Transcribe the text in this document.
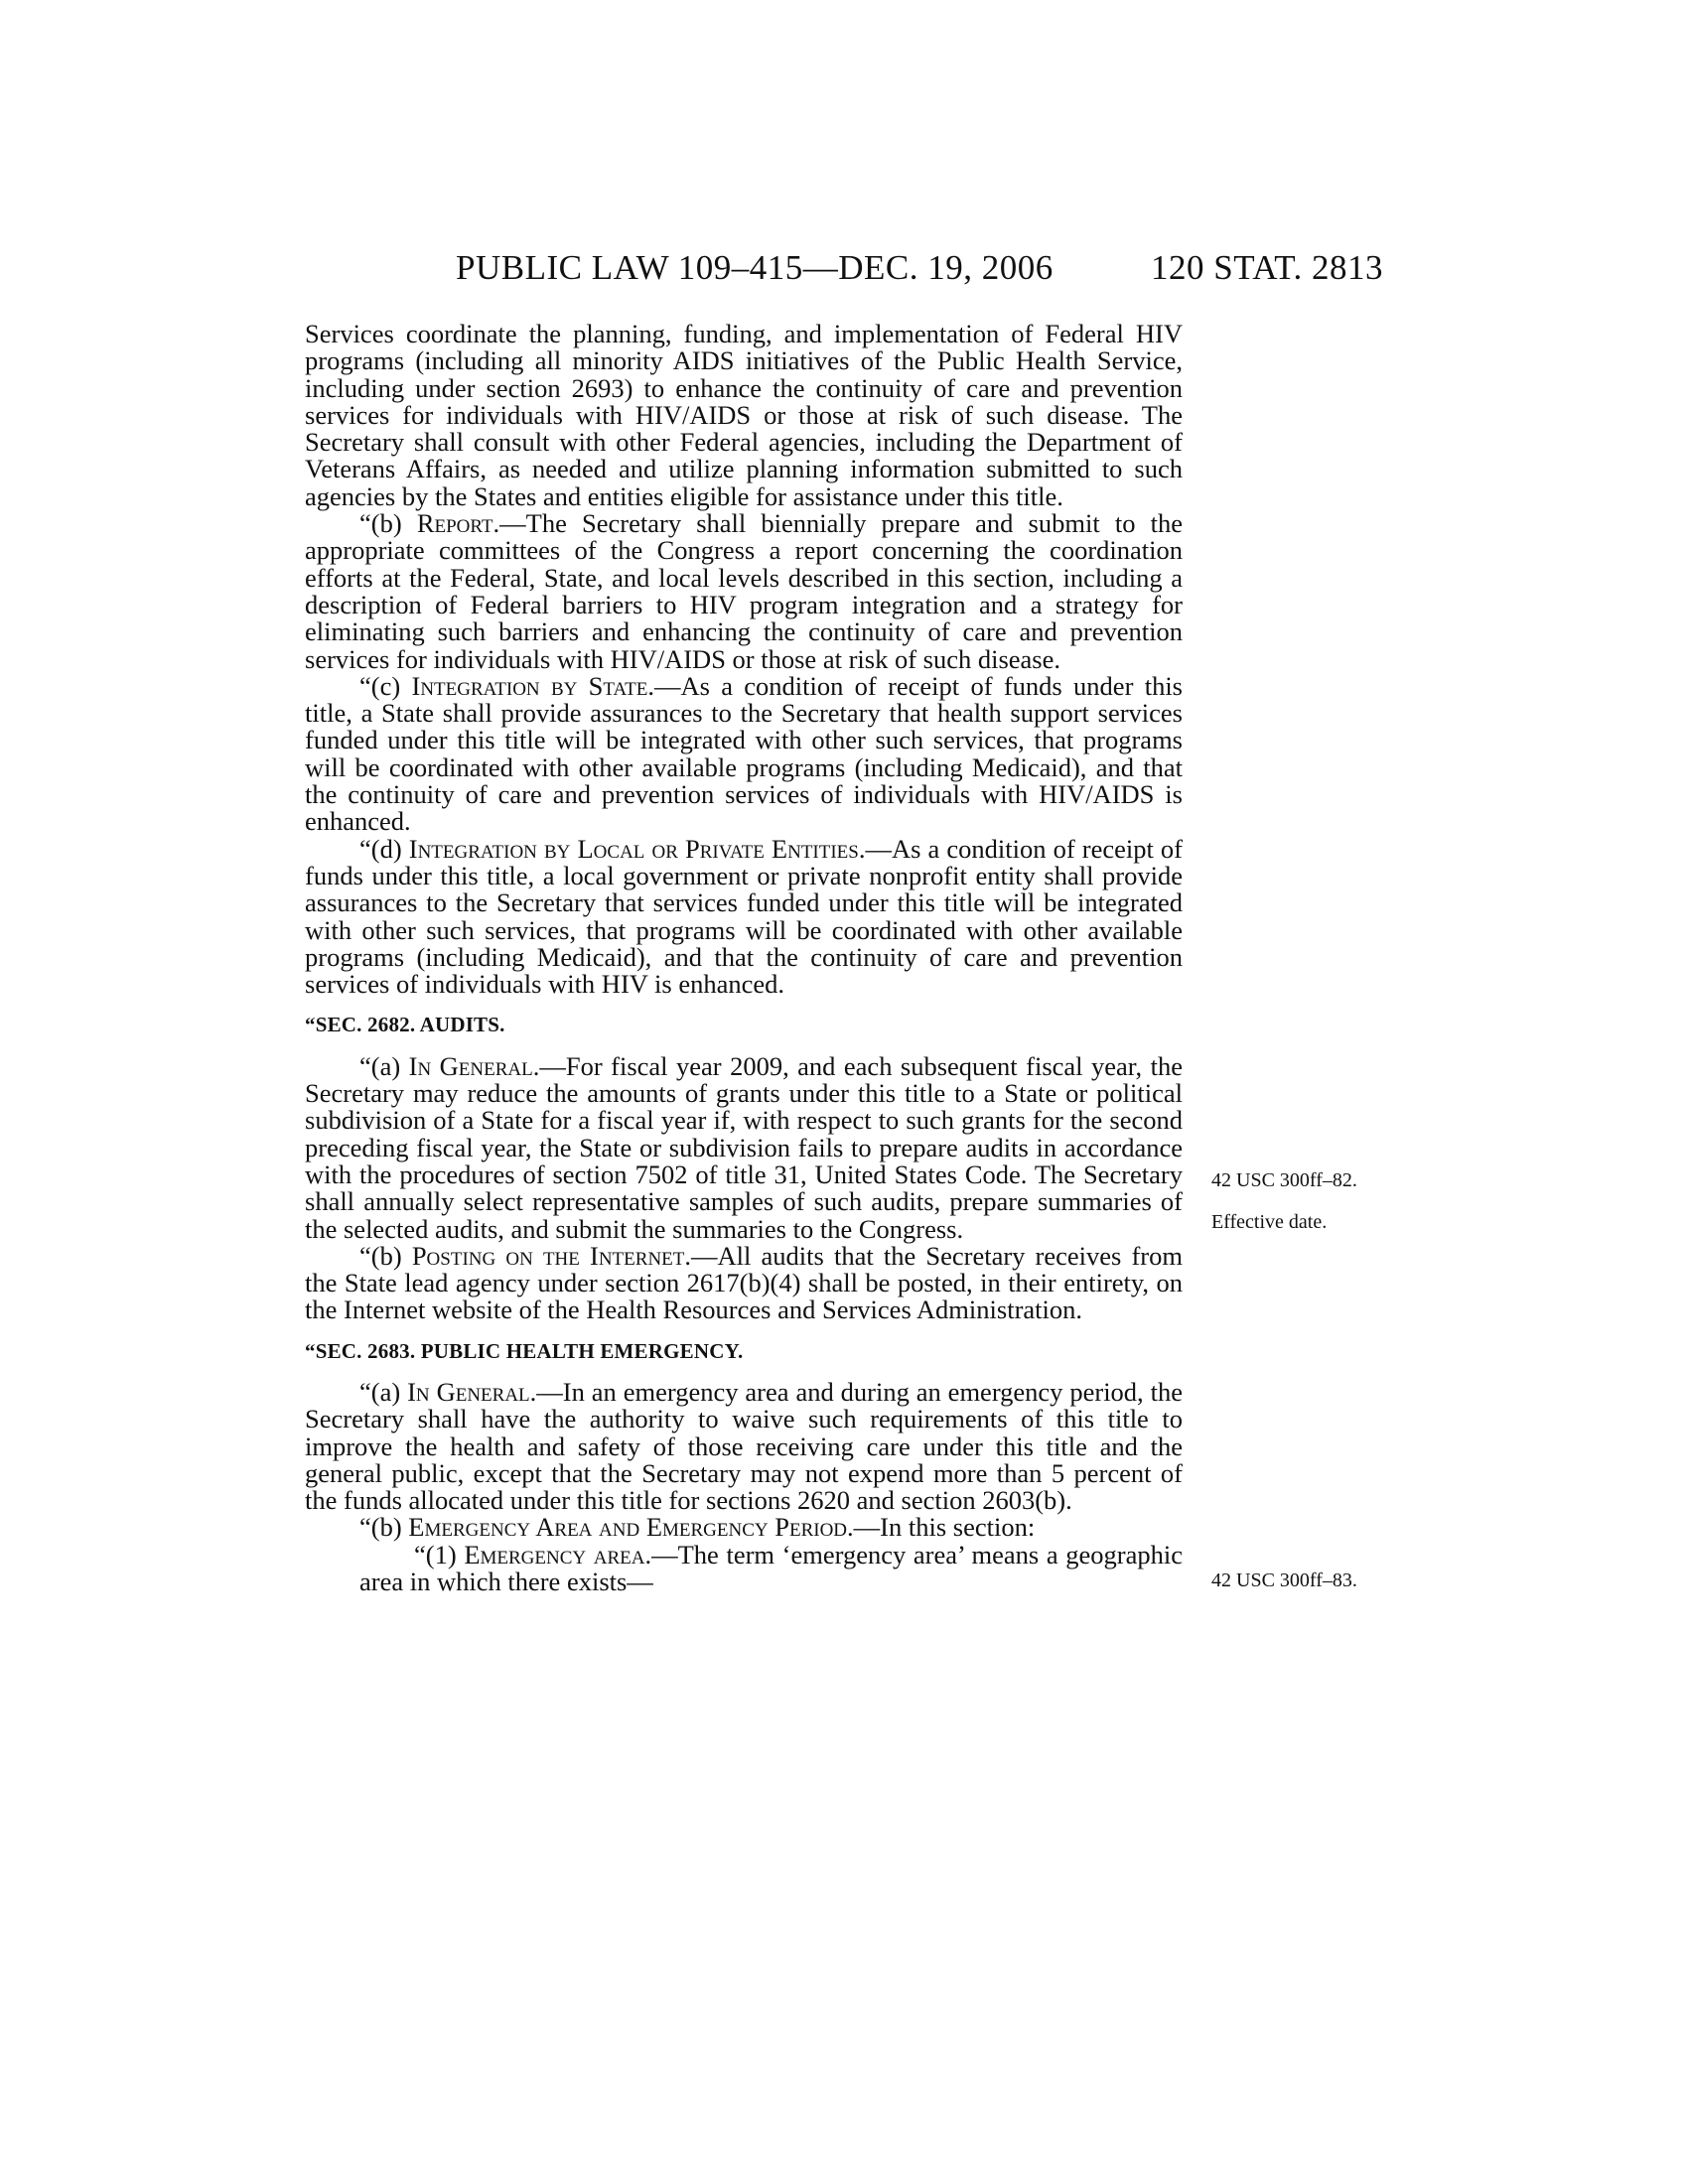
PUBLIC LAW 109–415—DEC. 19, 2006	120 STAT. 2813

Services coordinate the planning, funding, and implementation of Federal HIV programs (including all minority AIDS initiatives of the Public Health Service, including under section 2693) to enhance the continuity of care and prevention services for individuals with HIV/AIDS or those at risk of such disease. The Secretary shall consult with other Federal agencies, including the Department of Veterans Affairs, as needed and utilize planning information submitted to such agencies by the States and entities eligible for assistance under this title.

“(b) Report.—The Secretary shall biennially prepare and submit to the appropriate committees of the Congress a report concerning the coordination efforts at the Federal, State, and local levels described in this section, including a description of Federal barriers to HIV program integration and a strategy for eliminating such barriers and enhancing the continuity of care and prevention services for individuals with HIV/AIDS or those at risk of such disease.

“(c) Integration by State.—As a condition of receipt of funds under this title, a State shall provide assurances to the Secretary that health support services funded under this title will be integrated with other such services, that programs will be coordinated with other available programs (including Medicaid), and that the continuity of care and prevention services of individuals with HIV/AIDS is enhanced.

“(d) Integration by Local or Private Entities.—As a condition of receipt of funds under this title, a local government or private nonprofit entity shall provide assurances to the Secretary that services funded under this title will be integrated with other such services, that programs will be coordinated with other available programs (including Medicaid), and that the continuity of care and prevention services of individuals with HIV is enhanced.

“SEC. 2682. AUDITS.

“(a) In General.—For fiscal year 2009, and each subsequent fiscal year, the Secretary may reduce the amounts of grants under this title to a State or political subdivision of a State for a fiscal year if, with respect to such grants for the second preceding fiscal year, the State or subdivision fails to prepare audits in accordance with the procedures of section 7502 of title 31, United States Code. The Secretary shall annually select representative samples of such audits, prepare summaries of the selected audits, and submit the summaries to the Congress.

“(b) Posting on the Internet.—All audits that the Secretary receives from the State lead agency under section 2617(b)(4) shall be posted, in their entirety, on the Internet website of the Health Resources and Services Administration.

“SEC. 2683. PUBLIC HEALTH EMERGENCY.

“(a) In General.—In an emergency area and during an emergency period, the Secretary shall have the authority to waive such requirements of this title to improve the health and safety of those receiving care under this title and the general public, except that the Secretary may not expend more than 5 percent of the funds allocated under this title for sections 2620 and section 2603(b).

“(b) Emergency Area and Emergency Period.—In this section:

“(1) Emergency area.—The term ‘emergency area’ means a geographic area in which there exists—

42 USC 300ff–82.
Effective date.
42 USC 300ff–83.
